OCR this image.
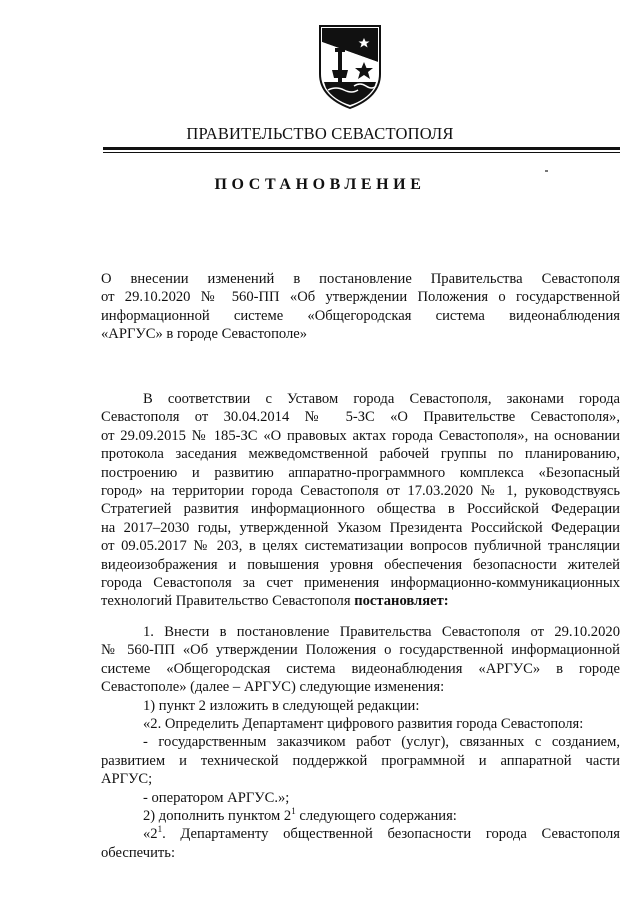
ПРАВИТЕЛЬСТВО СЕВАСТОПОЛЯ
ПОСТАНОВЛЕНИЕ
О внесении изменений в постановление Правительства Севастополя
от 29.10.2020 № 560-ПП «Об утверждении Положения о государственной
информационной системе «Общегородская система видеонаблюдения
«АРГУС» в городе Севастополе»
В соответствии с Уставом города Севастополя, законами города
Севастополя от 30.04.2014 № 5-ЗС «О Правительстве Севастополя»,
от 29.09.2015 № 185-ЗС «О правовых актах города Севастополя», на основании
протокола заседания межведомственной рабочей группы по планированию,
построению и развитию аппаратно-программного комплекса «Безопасный
город» на территории города Севастополя от 17.03.2020 № 1, руководствуясь
Стратегией развития информационного общества в Российской Федерации
на 2017–2030 годы, утвержденной Указом Президента Российской Федерации
от 09.05.2017 № 203, в целях систематизации вопросов публичной трансляции
видеоизображения и повышения уровня обеспечения безопасности жителей
города Севастополя за счет применения информационно-коммуникационных
технологий Правительство Севастополя постановляет:
1. Внести в постановление Правительства Севастополя от 29.10.2020
№ 560-ПП «Об утверждении Положения о государственной информационной
системе «Общегородская система видеонаблюдения «АРГУС» в городе
Севастополе» (далее – АРГУС) следующие изменения:
1) пункт 2 изложить в следующей редакции:
«2. Определить Департамент цифрового развития города Севастополя:
- государственным заказчиком работ (услуг), связанных с созданием,
развитием и технической поддержкой программной и аппаратной части
АРГУС;
- оператором АРГУС.»;
2) дополнить пунктом $2^1$ следующего содержания:
«$2^1$. Департаменту общественной безопасности города Севастополя
обеспечить:
